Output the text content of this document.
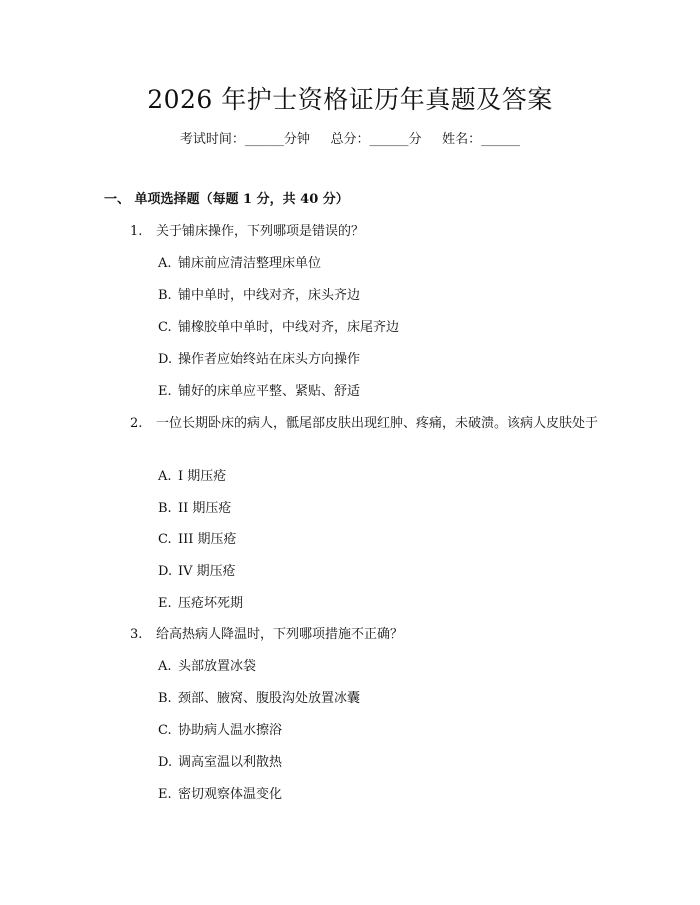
2026 年护士资格证历年真题及答案
考试时间：______分钟     总分：______分     姓名：______
一、 单项选择题（每题 1 分，共 40 分）
1. 关于铺床操作，下列哪项是错误的？
A. 铺床前应清洁整理床单位
B. 铺中单时，中线对齐，床头齐边
C. 铺橡胶单中单时，中线对齐，床尾齐边
D. 操作者应始终站在床头方向操作
E. 铺好的床单应平整、紧贴、舒适
2. 一位长期卧床的病人，骶尾部皮肤出现红肿、疼痛，未破溃。该病人皮肤处于
A. I 期压疮
B. II 期压疮
C. III 期压疮
D. IV 期压疮
E. 压疮坏死期
3. 给高热病人降温时，下列哪项措施不正确？
A. 头部放置冰袋
B. 颈部、腋窝、腹股沟处放置冰囊
C. 协助病人温水擦浴
D. 调高室温以利散热
E. 密切观察体温变化
